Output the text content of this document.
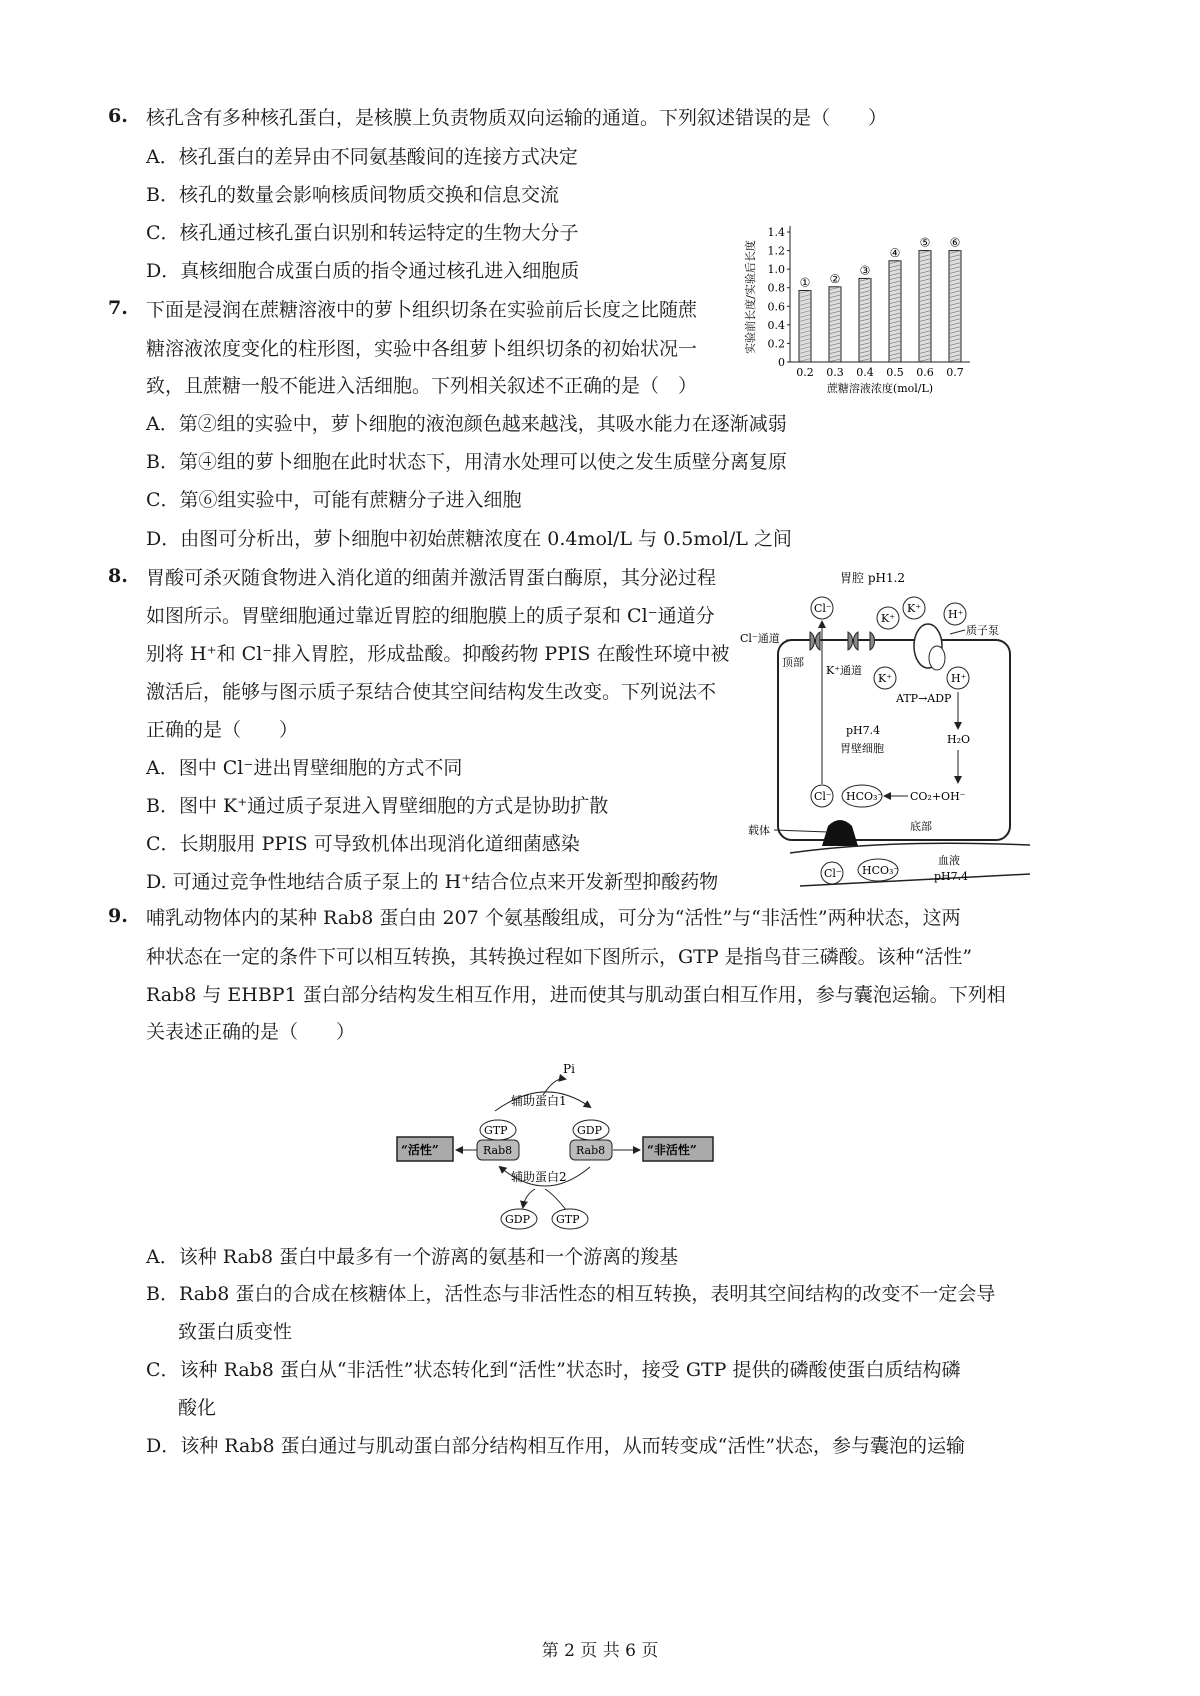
6. 核孔含有多种核孔蛋白，是核膜上负责物质双向运输的通道。下列叙述错误的是（　　）
A．核孔蛋白的差异由不同氨基酸间的连接方式决定
B．核孔的数量会影响核质间物质交换和信息交流
C．核孔通过核孔蛋白识别和转运特定的生物大分子
D．真核细胞合成蛋白质的指令通过核孔进入细胞质
7. 下面是浸润在蔗糖溶液中的萝卜组织切条在实验前后长度之比随蔗
糖溶液浓度变化的柱形图，实验中各组萝卜组织切条的初始状况一
致，且蔗糖一般不能进入活细胞。下列相关叙述不正确的是（　）
A．第②组的实验中，萝卜细胞的液泡颜色越来越浅，其吸水能力在逐渐减弱
B．第④组的萝卜细胞在此时状态下，用清水处理可以使之发生质壁分离复原
C．第⑥组实验中，可能有蔗糖分子进入细胞
D．由图可分析出，萝卜细胞中初始蔗糖浓度在 0.4mol/L 与 0.5mol/L 之间
0
0.2
0.4
0.6
0.8
1.0
1.2
1.4
①
0.2
②
0.3
③
0.4
④
0.5
⑤
0.6
⑥
0.7
蔗糖溶液浓度(mol/L)
实验前长度/实验后长度
8. 胃酸可杀灭随食物进入消化道的细菌并激活胃蛋白酶原，其分泌过程
如图所示。胃壁细胞通过靠近胃腔的细胞膜上的质子泵和 Cl⁻通道分
别将 H⁺和 Cl⁻排入胃腔，形成盐酸。抑酸药物 PPIS 在酸性环境中被
激活后，能够与图示质子泵结合使其空间结构发生改变。下列说法不
正确的是（　　）
A．图中 Cl⁻进出胃壁细胞的方式不同
B．图中 K⁺通过质子泵进入胃壁细胞的方式是协助扩散
C．长期服用 PPIS 可导致机体出现消化道细菌感染
D. 可通过竞争性地结合质子泵上的 H⁺结合位点来开发新型抑酸药物
胃腔 pH1.2
Cl⁻
K⁺
K⁺ H⁺
Cl⁻通道
顶部
K⁺通道
质子泵
K⁺	H⁺
ATP→ADP
pH7.4
胃壁细胞
H₂O
Cl⁻ HCO₃⁻ CO₂+OH⁻
载体	底部
血液
pH7.4
Cl⁻ HCO₃⁻
9. 哺乳动物体内的某种 Rab8 蛋白由 207 个氨基酸组成，可分为“活性”与“非活性”两种状态，这两
种状态在一定的条件下可以相互转换，其转换过程如下图所示，GTP 是指鸟苷三磷酸。该种“活性”
Rab8 与 EHBP1 蛋白部分结构发生相互作用，进而使其与肌动蛋白相互作用，参与囊泡运输。下列相
关表述正确的是（　　）
Pi
辅助蛋白1
GTP
Rab8
GDP
Rab8
“活性”	“非活性”
辅助蛋白2
GDP GTP
A．该种 Rab8 蛋白中最多有一个游离的氨基和一个游离的羧基
B．Rab8 蛋白的合成在核糖体上，活性态与非活性态的相互转换，表明其空间结构的改变不一定会导
致蛋白质变性
C．该种 Rab8 蛋白从“非活性”状态转化到“活性”状态时，接受 GTP 提供的磷酸使蛋白质结构磷
酸化
D．该种 Rab8 蛋白通过与肌动蛋白部分结构相互作用，从而转变成“活性”状态，参与囊泡的运输
第 2 页 共 6 页
